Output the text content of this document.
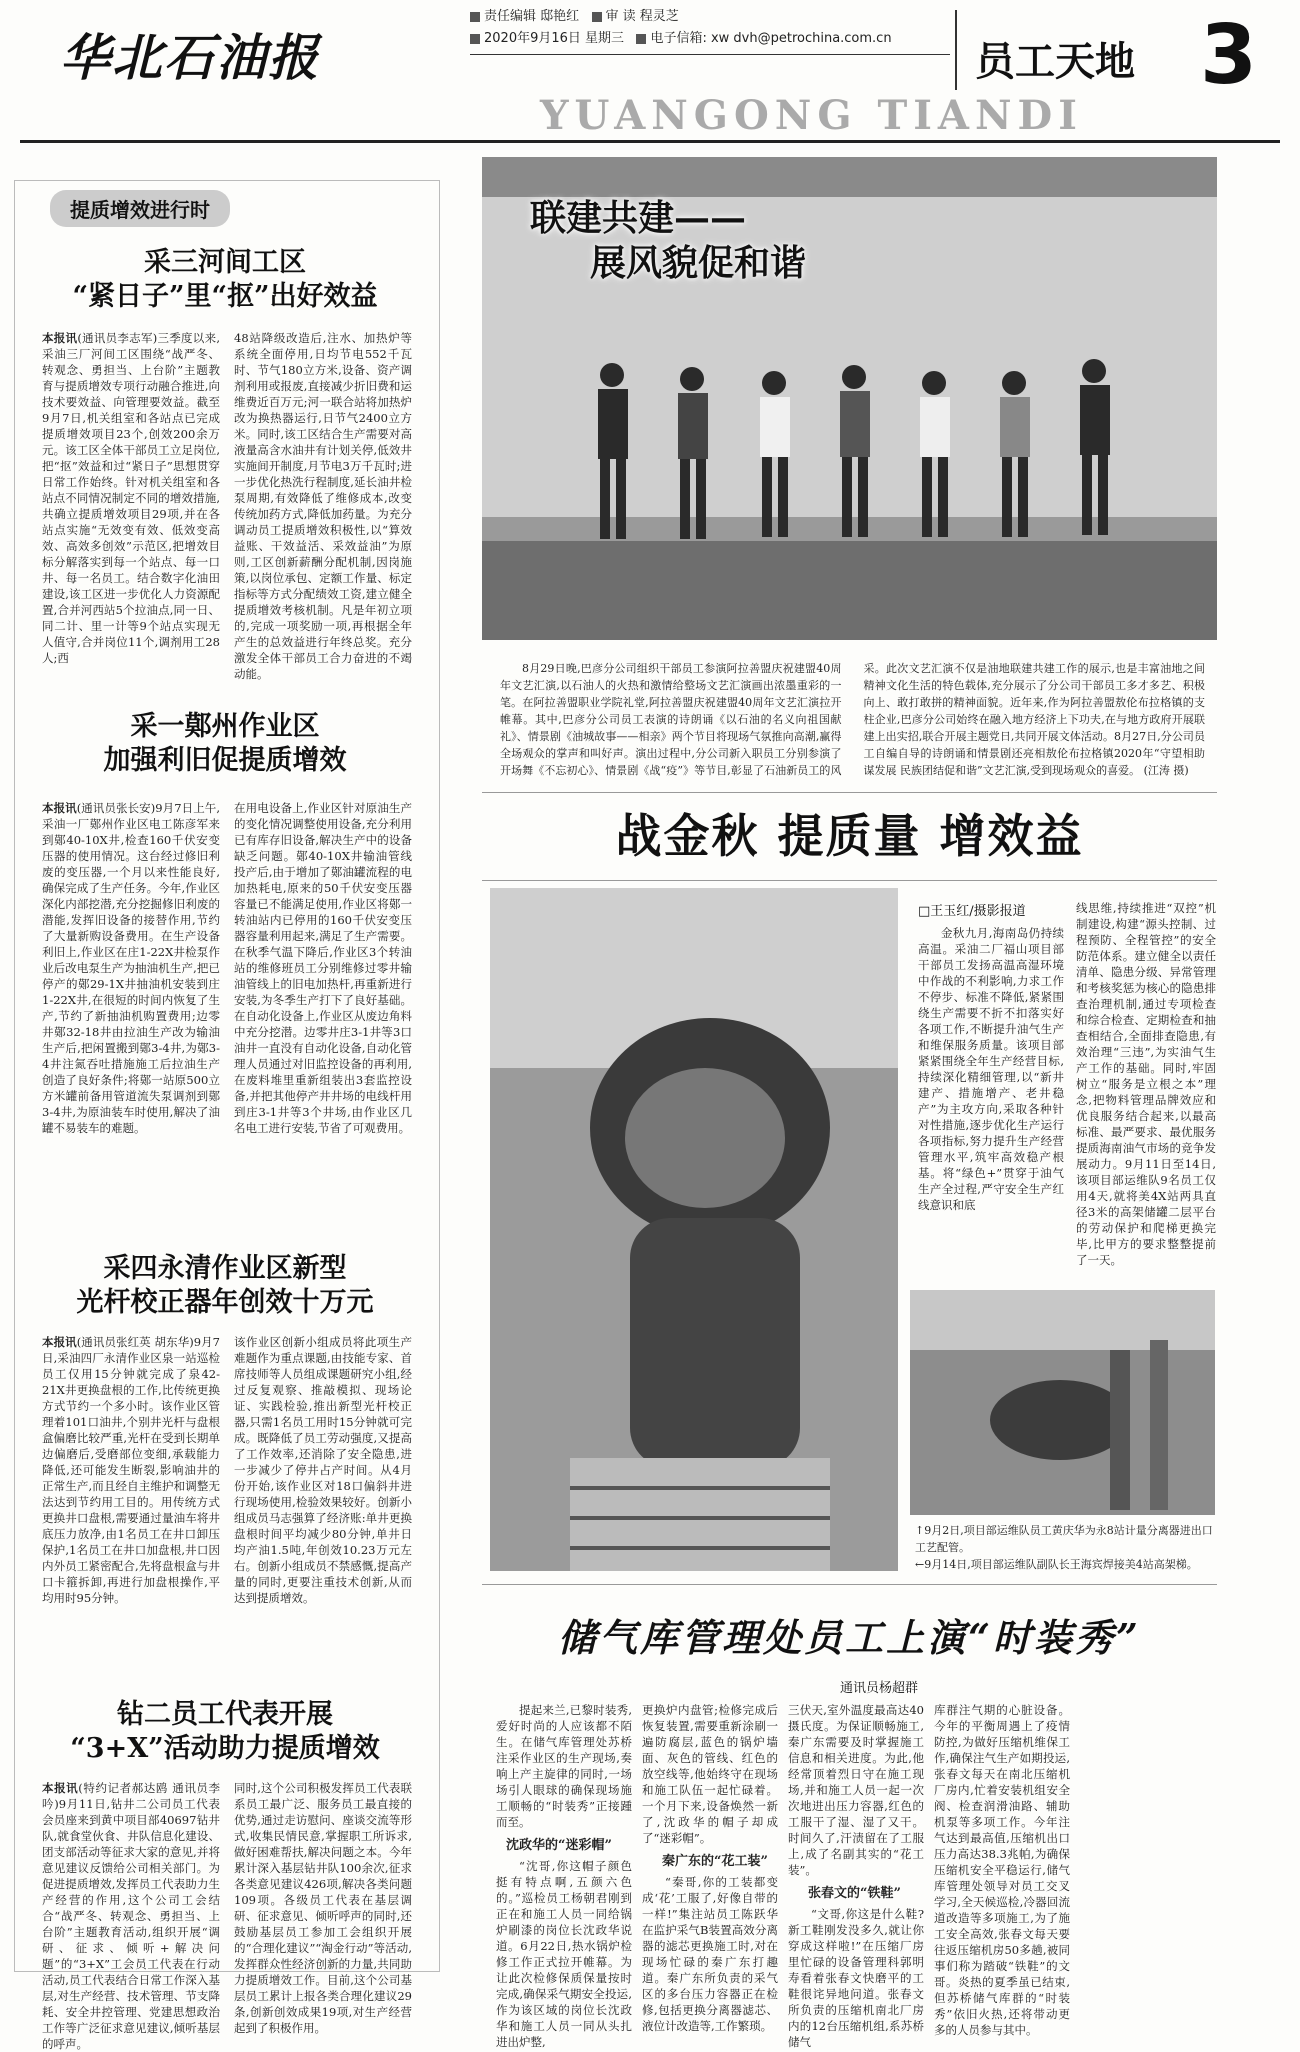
华北石油报
责任编辑 邸艳红 审 读 程灵芝
2020年9月16日 星期三 电子信箱: xw dvh@petrochina.com.cn
员工天地 3
YUANGONG TIANDI
提质增效进行时
采三河间工区
“紧日子”里“抠”出好效益
本报讯(通讯员李志军)三季度以来,采油三厂河间工区围绕“战严冬、转观念、勇担当、上台阶”主题教育与提质增效专项行动融合推进,向技术要效益、向管理要效益。截至9月7日,机关组室和各站点已完成提质增效项目23个,创效200余万元。该工区全体干部员工立足岗位,把“抠”效益和过“紧日子”思想贯穿日常工作始终。针对机关组室和各站点不同情况制定不同的增效措施,共确立提质增效项目29项,并在各站点实施“无效变有效、低效变高效、高效多创效”示范区,把增效目标分解落实到每一个站点、每一口井、每一名员工。结合数字化油田建设,该工区进一步优化人力资源配置,合并河西站5个拉油点,同一日、同二计、里一计等9个站点实现无人值守,合并岗位11个,调剂用工28人;西
48站降级改造后,注水、加热炉等系统全面停用,日均节电552千瓦时、节气180立方米,设备、资产调剂利用或报废,直接减少折旧费和运维费近百万元;河一联合站将加热炉改为换热器运行,日节气2400立方米。同时,该工区结合生产需要对高液量高含水油井有计划关停,低效井实施间开制度,月节电3万千瓦时;进一步优化热洗行程制度,延长油井检泵周期,有效降低了维修成本,改变传统加药方式,降低加药量。为充分调动员工提质增效积极性,以“算效益账、干效益活、采效益油”为原则,工区创新薪酬分配机制,因岗施策,以岗位承包、定额工作量、标定指标等方式分配绩效工资,建立健全提质增效考核机制。凡是年初立项的,完成一项奖励一项,再根据全年产生的总效益进行年终总奖。充分激发全体干部员工合力奋进的不竭动能。
采一鄚州作业区
加强利旧促提质增效
本报讯(通讯员张长安)9月7日上午,采油一厂鄚州作业区电工陈彦军来到鄚40-10X井,检查160千伏安变压器的使用情况。这台经过修旧利废的变压器,一个月以来性能良好,确保完成了生产任务。今年,作业区深化内部挖潜,充分挖掘修旧利废的潜能,发挥旧设备的接替作用,节约了大量新购设备费用。在生产设备利旧上,作业区在庄1-22X井检泵作业后改电泵生产为抽油机生产,把已停产的鄚29-1X井抽油机安装到庄1-22X井,在很短的时间内恢复了生产,节约了新抽油机购置费用;边零井鄚32-18井由拉油生产改为输油生产后,把闲置搬到鄚3-4井,为鄚3-4井注氮吞吐措施施工后拉油生产创造了良好条件;将鄚一站原500立方米罐前备用管道流失泵调剂到鄚3-4井,为原油装车时使用,解决了油罐不易装车的难题。
在用电设备上,作业区针对原油生产的变化情况调整使用设备,充分利用已有库存旧设备,解决生产中的设备缺乏问题。鄚40-10X井输油管线投产后,由于增加了鄚油罐流程的电加热耗电,原来的50千伏安变压器容量已不能满足使用,作业区将鄚一转油站内已停用的160千伏安变压器容量利用起来,满足了生产需要。在秋季气温下降后,作业区3个转油站的维修班员工分别维修过零井输油管线上的旧电加热杆,再重新进行安装,为冬季生产打下了良好基础。在自动化设备上,作业区从废边角料中充分挖潜。边零井庄3-1井等3口油井一直没有自动化设备,自动化管理人员通过对旧监控设备的再利用,在废料堆里重新组装出3套监控设备,并把其他停产井井场的电线杆用到庄3-1井等3个井场,由作业区几名电工进行安装,节省了可观费用。
采四永清作业区新型
光杆校正器年创效十万元
本报讯(通讯员张红英 胡东华)9月7日,采油四厂永清作业区泉一站巡检员工仅用15分钟就完成了泉42-21X井更换盘根的工作,比传统更换方式节约一个多小时。该作业区管理着101口油井,个别井光杆与盘根盒偏磨比较严重,光杆在受到长期单边偏磨后,受磨部位变细,承载能力降低,还可能发生断裂,影响油井的正常生产,而且经自主维护和调整无法达到节约用工目的。用传统方式更换井口盘根,需要通过量油车将井底压力放净,由1名员工在井口卸压保护,1名员工在井口加盘根,井口因内外员工紧密配合,先将盘根盒与井口卡箍拆卸,再进行加盘根操作,平均用时95分钟。
该作业区创新小组成员将此项生产难题作为重点课题,由技能专家、首席技师等人员组成课题研究小组,经过反复观察、推敲模拟、现场论证、实践检验,推出新型光杆校正器,只需1名员工用时15分钟就可完成。既降低了员工劳动强度,又提高了工作效率,还消除了安全隐患,进一步减少了停井占产时间。从4月份开始,该作业区对18口偏斜井进行现场使用,检验效果较好。创新小组成员马志强算了经济账:单井更换盘根时间平均减少80分钟,单井日均产油1.5吨,年创效10.23万元左右。创新小组成员不禁感慨,提高产量的同时,更要注重技术创新,从而达到提质增效。
钻二员工代表开展
“3+X”活动助力提质增效
本报讯(特约记者郝达鸥 通讯员李吟)9月11日,钻井二公司员工代表会员座来到黄中项目部40697钻井队,就食堂伙食、井队信息化建设、团支部活动等征求大家的意见,并将意见建议反馈给公司相关部门。为促进提质增效,发挥员工代表助力生产经营的作用,这个公司工会结合“战严冬、转观念、勇担当、上台阶”主题教育活动,组织开展“调研、征求、倾听+解决问题”的“3+X”工会员工代表在行动活动,员工代表结合日常工作深入基层,对生产经营、技术管理、节支降耗、安全井控管理、党建思想政治工作等广泛征求意见建议,倾听基层的呼声。
同时,这个公司积极发挥员工代表联系员工最广泛、服务员工最直接的优势,通过走访慰问、座谈交流等形式,收集民情民意,掌握职工所诉求,做好困难帮扶,解决问题之本。今年累计深入基层钻井队100余次,征求各类意见建议426项,解决各类问题109项。各级员工代表在基层调研、征求意见、倾听呼声的同时,还鼓励基层员工参加工会组织开展的“合理化建议”“淘金行动”等活动,发挥群众性经济创新的力量,共同助力提质增效工作。目前,这个公司基层员工累计上报各类合理化建议29条,创新创效成果19项,对生产经营起到了积极作用。
联建共建——
展风貌促和谐
8月29日晚,巴彦分公司组织干部员工参演阿拉善盟庆祝建盟40周年文艺汇演,以石油人的火热和激情给整场文艺汇演画出浓墨重彩的一笔。在阿拉善盟职业学院礼堂,阿拉善盟庆祝建盟40周年文艺汇演拉开帷幕。其中,巴彦分公司员工表演的诗朗诵《以石油的名义向祖国献礼》、情景剧《油城故事——相亲》两个节目将现场气氛推向高潮,赢得全场观众的掌声和叫好声。演出过程中,分公司新入职员工分别参演了开场舞《不忘初心》、情景剧《战“疫”》等节目,彰显了石油新员工的风采。此次文艺汇演不仅是油地联建共建工作的展示,也是丰富油地之间精神文化生活的特色载体,充分展示了分公司干部员工多才多艺、积极向上、敢打敢拼的精神面貌。近年来,作为阿拉善盟敖伦布拉格镇的支柱企业,巴彦分公司始终在融入地方经济上下功夫,在与地方政府开展联建上出实招,联合开展主题党日,共同开展文体活动。8月27日,分公司员工自编自导的诗朗诵和情景剧还亮相敖伦布拉格镇2020年“守望相助谋发展 民族团结促和谐”文艺汇演,受到现场观众的喜爱。 (江涛 摄)
战金秋 提质量 增效益
□王玉红/摄影报道
金秋九月,海南岛仍持续高温。采油二厂福山项目部干部员工发扬高温高湿环境中作战的不利影响,力求工作不停步、标准不降低,紧紧围绕生产需要不折不扣落实好各项工作,不断提升油气生产和维保服务质量。该项目部紧紧围绕全年生产经营目标,持续深化精细管理,以“新井建产、措施增产、老井稳产”为主攻方向,采取各种针对性措施,逐步优化生产运行各项指标,努力提升生产经营管理水平,筑牢高效稳产根基。将“绿色+”贯穿于油气生产全过程,严守安全生产红线意识和底
线思维,持续推进“双控”机制建设,构建“源头控制、过程预防、全程管控”的安全防范体系。建立健全以责任清单、隐患分级、异常管理和考核奖惩为核心的隐患排查治理机制,通过专项检查和综合检查、定期检查和抽查相结合,全面排查隐患,有效治理“三违”,为实油气生产工作的基础。同时,牢固树立“服务是立根之本”理念,把物料管理品牌效应和优良服务结合起来,以最高标准、最严要求、最优服务提质海南油气市场的竞争发展动力。9月11日至14日,该项目部运维队9名员工仅用4天,就将美4X站两具直径3米的高架储罐二层平台的劳动保护和爬梯更换完毕,比甲方的要求整整提前了一天。
↑9月2日,项目部运维队员工黄庆华为永8站计量分离器进出口工艺配管。
←9月14日,项目部运维队副队长王海宾焊接美4站高架梯。
储气库管理处员工上演“时装秀”
通讯员杨超群
提起来兰,已黎时装秀,爱好时尚的人应该都不陌生。在储气库管理处苏桥注采作业区的生产现场,奏响上产主旋律的同时,一场场引人眼球的确保现场施工顺畅的“时装秀”正接踵而至。
沈政华的“迷彩帽”
“沈哥,你这帽子颜色挺有特点啊,五颜六色的。”巡检员工杨朝君刚到正在和施工人员一同给锅炉刷漆的岗位长沈政华说道。6月22日,热水锅炉检修工作正式拉开帷幕。为让此次检修保质保量按时完成,确保采气期安全投运,作为该区域的岗位长沈政华和施工人员一同从头扎进出炉整,
更换炉内盘管;检修完成后恢复装置,需要重新涂刷一遍防腐层,蓝色的锅炉墙面、灰色的管线、红色的放空线等,他始终守在现场和施工队伍一起忙碌着。一个月下来,设备焕然一新了,沈政华的帽子却成了“迷彩帽”。
秦广东的“花工装”
“秦哥,你的工装都变成‘花’工服了,好像自带的一样!”集注站员工陈跃华在监护采气B装置高效分离器的滤芯更换施工时,对在现场忙碌的秦广东打趣道。秦广东所负责的采气区的多台压力容器正在检修,包括更换分离器滤芯、液位计改造等,工作繁琐。
三伏天,室外温度最高达40摄氏度。为保证顺畅施工,秦广东需要及时掌握施工信息和相关进度。为此,他经常顶着烈日守在施工现场,并和施工人员一起一次次地进出压力容器,红色的工服干了湿、湿了又干。时间久了,汗渍留在了工服上,成了名副其实的“花工装”。
张春文的“铁鞋”
“文哥,你这是什么鞋?新工鞋刚发没多久,就让你穿成这样啦!”在压缩厂房里忙碌的设备管理科郭明寿看着张春文快磨平的工鞋很诧异地问道。张春文所负责的压缩机南北厂房内的12台压缩机组,系苏桥储气
库群注气期的心脏设备。今年的平衡周遇上了疫情防控,为做好压缩机维保工作,确保注气生产如期投运,张春文每天在南北压缩机厂房内,忙着安装机组安全阀、检查润滑油路、辅助机泵等多项工作。今年注气达到最高值,压缩机出口压力高达38.3兆帕,为确保压缩机安全平稳运行,储气库管理处领导对员工交叉学习,全天候巡检,冷器回流道改造等多项施工,为了施工安全高效,张春文每天要往返压缩机房50多趟,被同事们称为踏破“铁鞋”的文哥。炎热的夏季虽已结束,但苏桥储气库群的“时装秀”依旧火热,还将带动更多的人员参与其中。
